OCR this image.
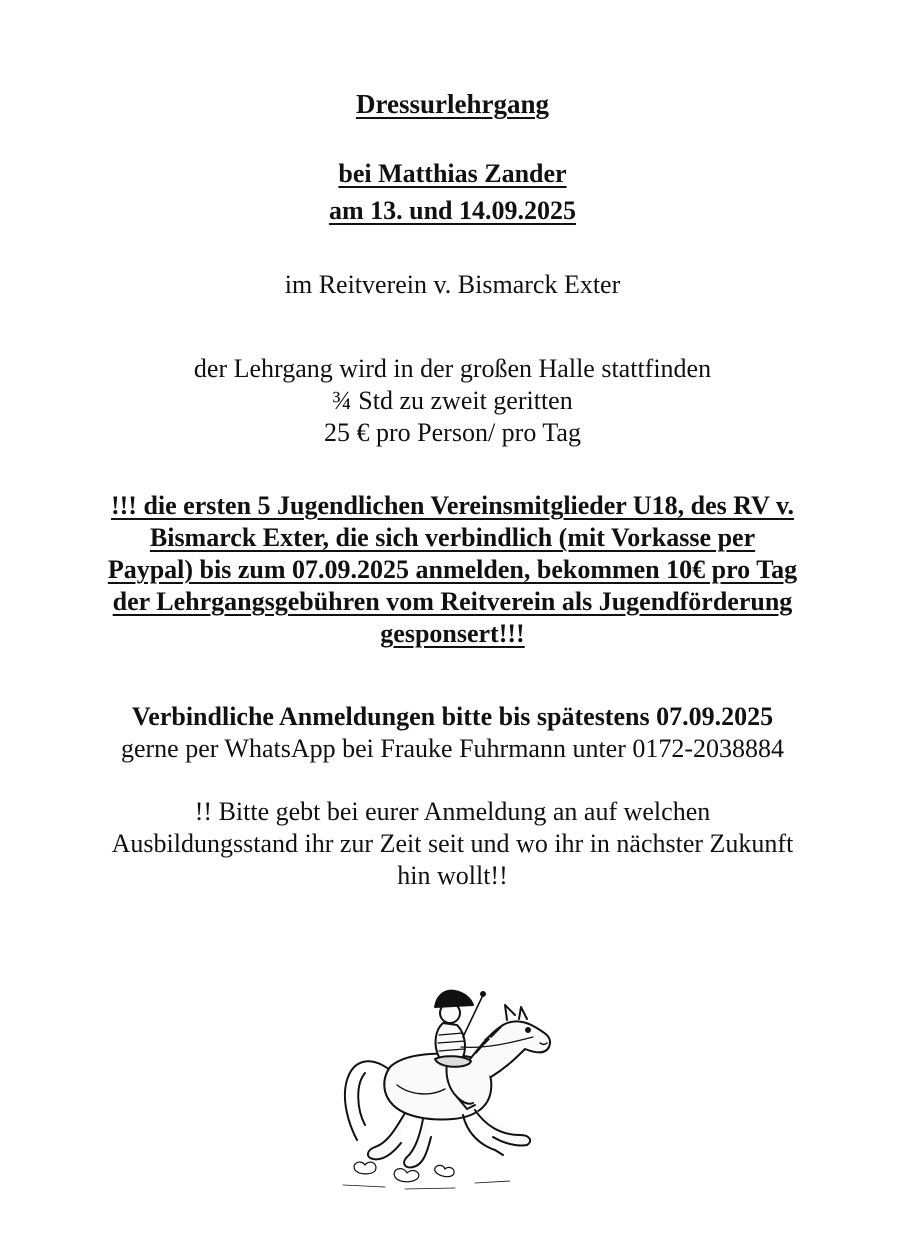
Dressurlehrgang
bei Matthias Zander
am 13. und 14.09.2025
im Reitverein v. Bismarck Exter
der Lehrgang wird in der großen Halle stattfinden
¾ Std zu zweit geritten
25 € pro Person/ pro Tag
!!! die ersten 5 Jugendlichen Vereinsmitglieder U18, des RV v.
Bismarck Exter, die sich verbindlich (mit Vorkasse per
Paypal) bis zum 07.09.2025 anmelden, bekommen 10€ pro Tag
der Lehrgangsgebühren vom Reitverein als Jugendförderung
gesponsert!!!
Verbindliche Anmeldungen bitte bis spätestens 07.09.2025
gerne per WhatsApp bei Frauke Fuhrmann unter 0172-2038884
!! Bitte gebt bei eurer Anmeldung an auf welchen
Ausbildungsstand ihr zur Zeit seit und wo ihr in nächster Zukunft
hin wollt!!
